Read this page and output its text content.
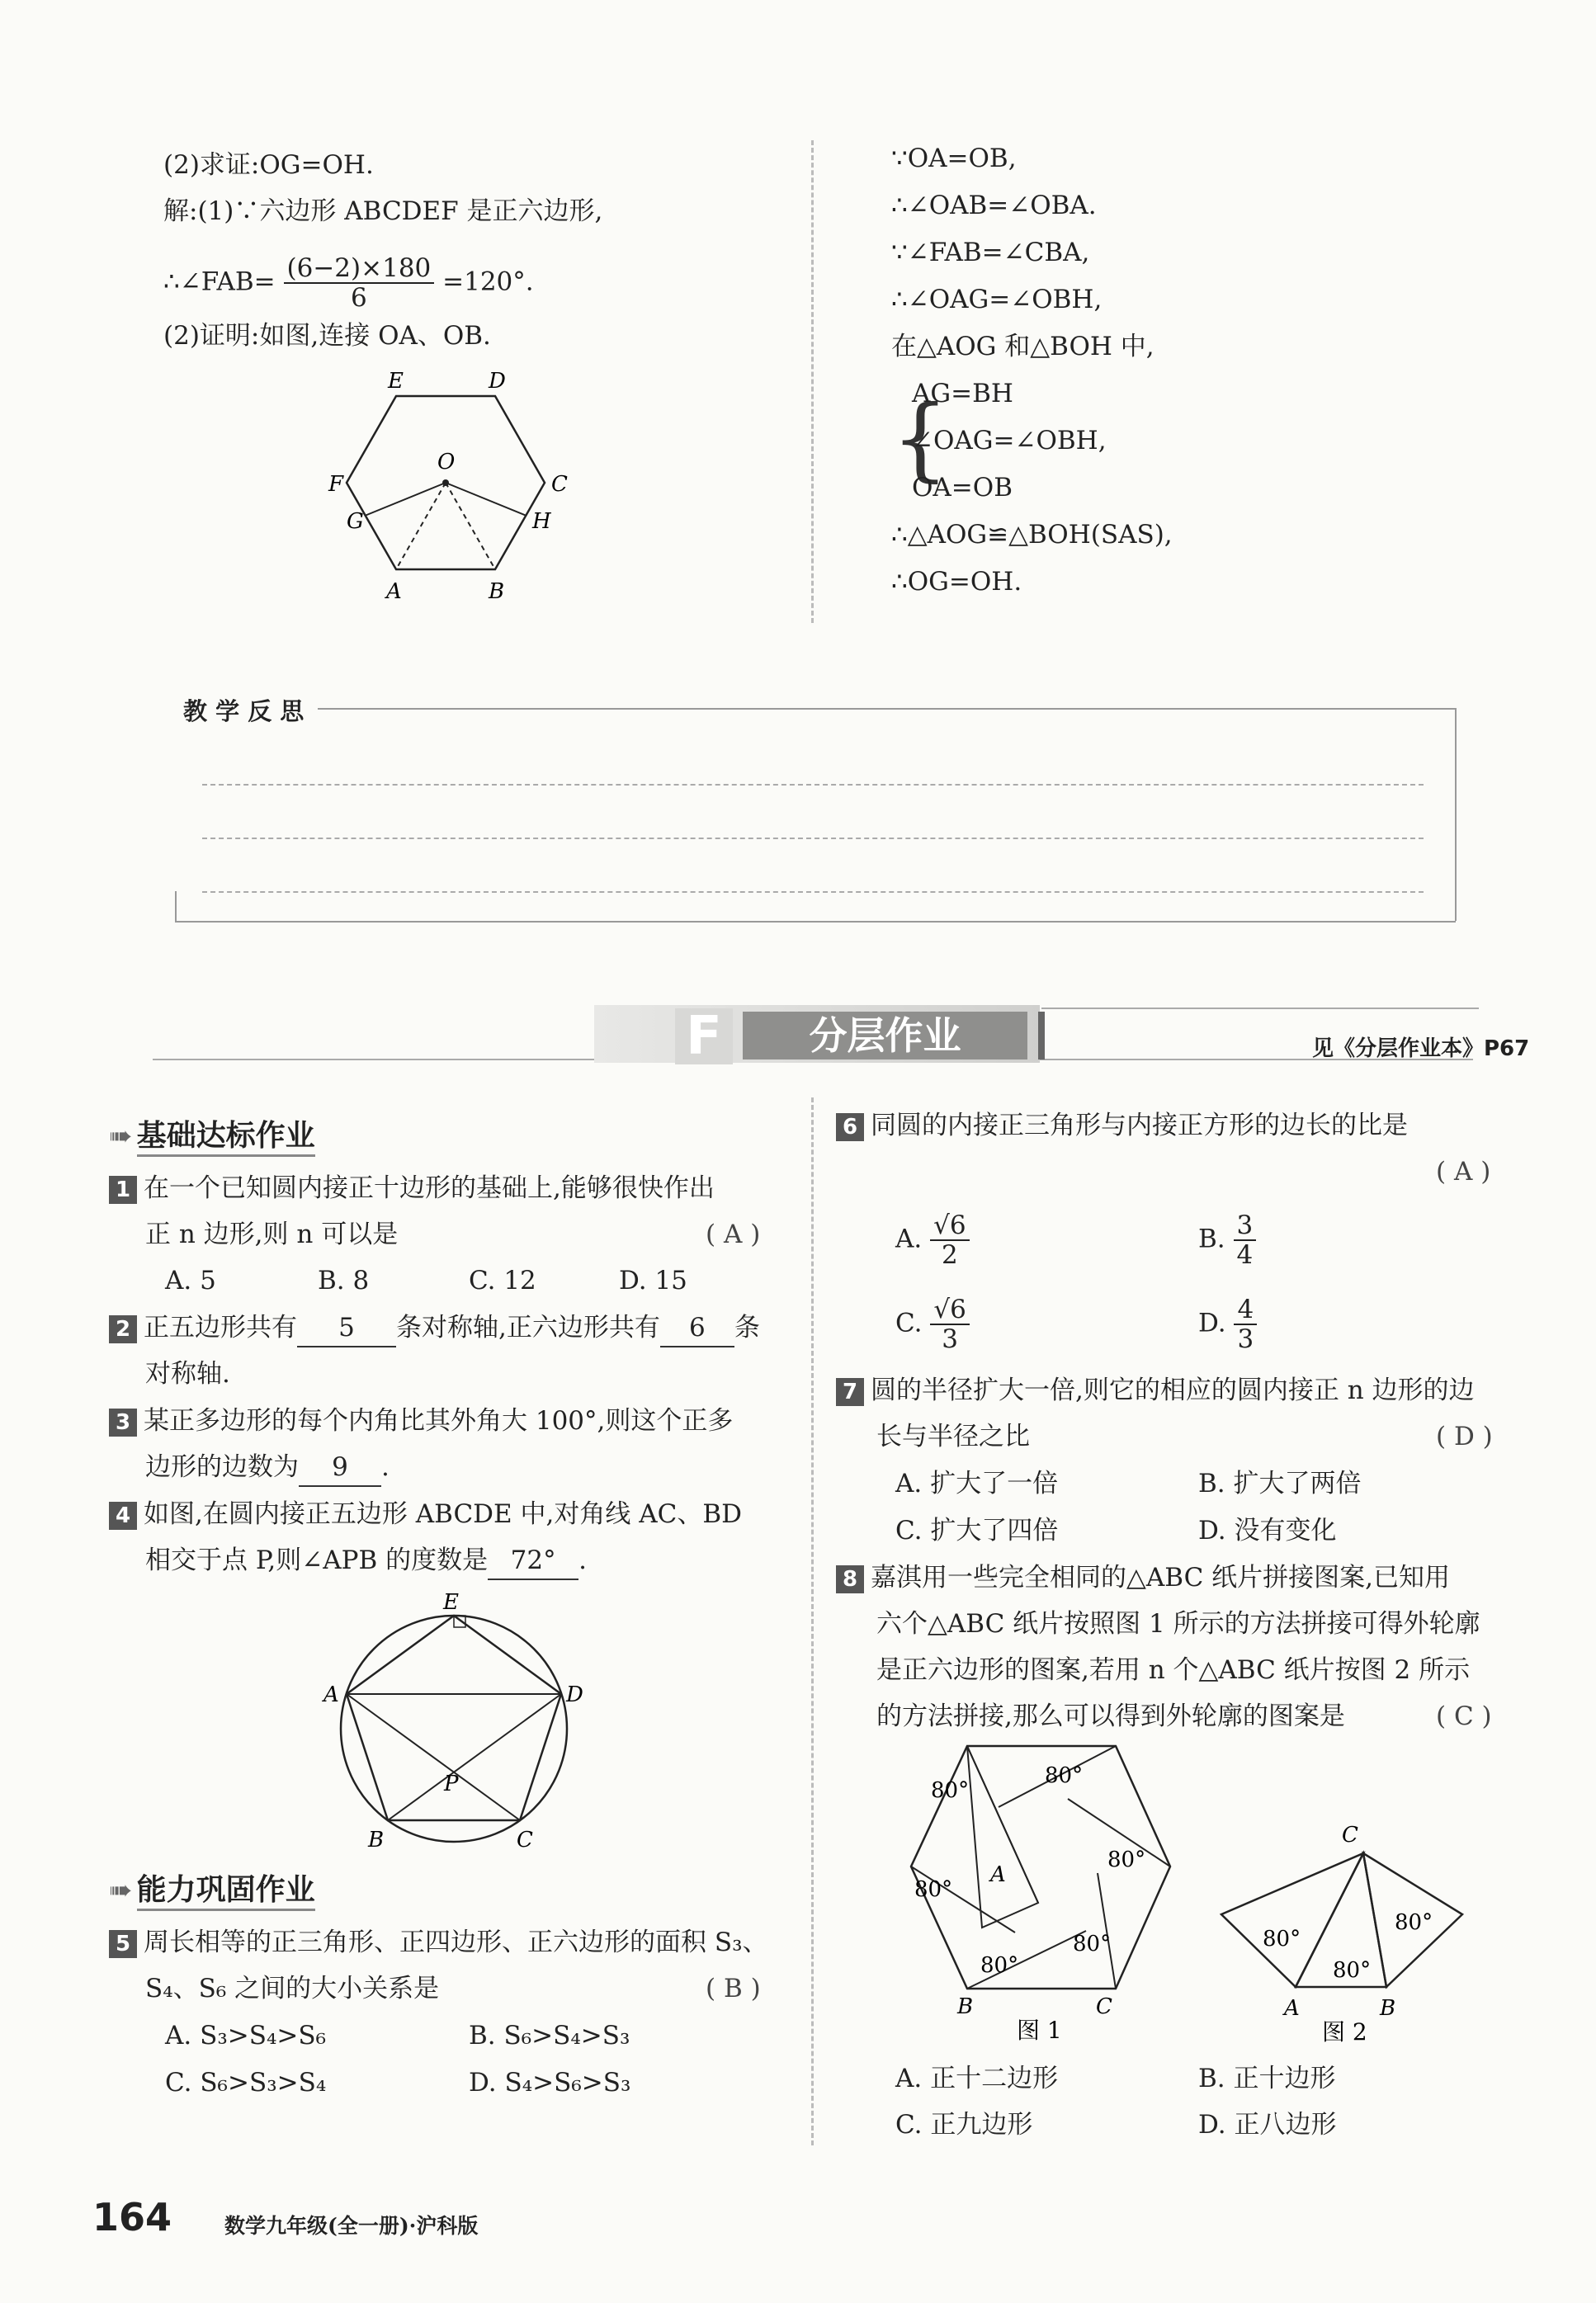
(2)求证:OG=OH.
解:(1)∵六边形 ABCDEF 是正六边形,
∴∠FAB= $\frac{(6-2)\times 180}{6} =120^\circ$.
(2)证明:如图,连接 OA、OB.
E	D
F	C
G	H
O
A	B
∵OA=OB,
∴∠OAB=∠OBA.
∵∠FAB=∠CBA,
∴∠OAG=∠OBH,
在△AOG 和△BOH 中,
{
AG=BH
∠OAG=∠OBH,
OA=OB
∴△AOG≌△BOH(SAS),
∴OG=OH.
教 学 反 思
F	分层作业	见《分层作业本》P67
➠ 基础达标作业
1 在一个已知圆内接正十边形的基础上,能够很快作出
正 n 边形,则 n 可以是	( A )
A. 5	B. 8	C. 12	D. 15
2 正五边形共有 5 条对称轴,正六边形共有 6 条
对称轴.
3 某正多边形的每个内角比其外角大 100°,则这个正多
边形的边数为 9 .
4 如图,在圆内接正五边形 ABCDE 中,对角线 AC、BD
相交于点 P,则∠APB 的度数是 72° .
E
A	D
P
B	C
➠ 能力巩固作业
5 周长相等的正三角形、正四边形、正六边形的面积 S₃、
S₄、S₆ 之间的大小关系是	( B )
A. S₃>S₄>S₆	B. S₆>S₄>S₃
C. S₆>S₃>S₄	D. S₄>S₆>S₃
6 同圆的内接正三角形与内接正方形的边长的比是
( A )
A. $\frac{√6}{2}$	B. $\frac{3}{4}$
C. $\frac{√6}{3}$	D. $\frac{4}{3}$
7 圆的半径扩大一倍,则它的相应的圆内接正 n 边形的边
长与半径之比	( D )
A. 扩大了一倍	B. 扩大了两倍
C. 扩大了四倍	D. 没有变化
8 嘉淇用一些完全相同的△ABC 纸片拼接图案,已知用
六个△ABC 纸片按照图 1 所示的方法拼接可得外轮廓
是正六边形的图案,若用 n 个△ABC 纸片按图 2 所示
的方法拼接,那么可以得到外轮廓的图案是	( C )
80°
80°
80°
80°
80°
80°
A
B	C
图 1
80°
80°
80°
C
A	B
图 2
A. 正十二边形	B. 正十边形
C. 正九边形	D. 正八边形
164	数学九年级(全一册)·沪科版
